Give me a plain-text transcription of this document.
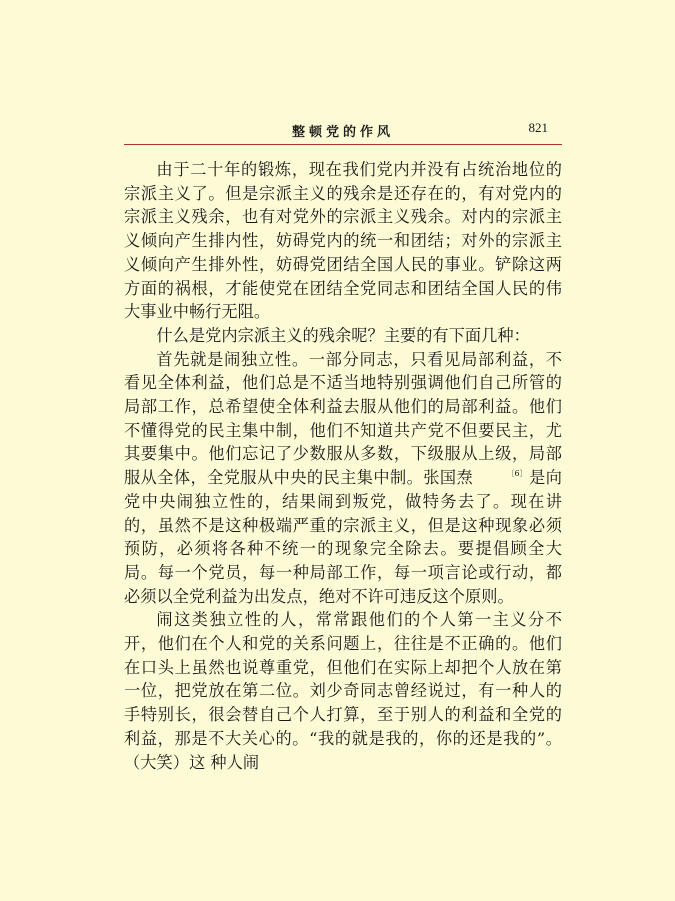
整顿党的作风	821

由于二十年的锻炼，现在我们党内并没有占统治地位的宗派主义了。但是宗派主义的残余是还存在的，有对党内的宗派主义残余，也有对党外的宗派主义残余。对内的宗派主义倾向产生排内性，妨碍党内的统一和团结；对外的宗派主义倾向产生排外性，妨碍党团结全国人民的事业。铲除这两方面的祸根，才能使党在团结全党同志和团结全国人民的伟大事业中畅行无阻。

什么是党内宗派主义的残余呢？主要的有下面几种：

首先就是闹独立性。一部分同志，只看见局部利益，不看见全体利益，他们总是不适当地特别强调他们自己所管的局部工作，总希望使全体利益去服从他们的局部利益。他们不懂得党的民主集中制，他们不知道共产党不但要民主，尤其要集中。他们忘记了少数服从多数，下级服从上级，局部服从全体，全党服从中央的民主集中制。张国焘	〔6〕是向党中央闹独立性的，结果闹到叛党，做特务去了。现在讲的，虽然不是这种极端严重的宗派主义，但是这种现象必须预防，必须将各种不统一的现象完全除去。要提倡顾全大局。每一个党员，每一种局部工作，每一项言论或行动，都必须以全党利益为出发点，绝对不许可违反这个原则。

闹这类独立性的人，常常跟他们的个人第一主义分不开，他们在个人和党的关系问题上，往往是不正确的。他们在口头上虽然也说尊重党，但他们在实际上却把个人放在第一位，把党放在第二位。刘少奇同志曾经说过，有一种人的手特别长，很会替自己个人打算，至于别人的利益和全党的利益，那是不大关心的。“我的就是我的，你的还是我的”。（大笑）这 种人闹
